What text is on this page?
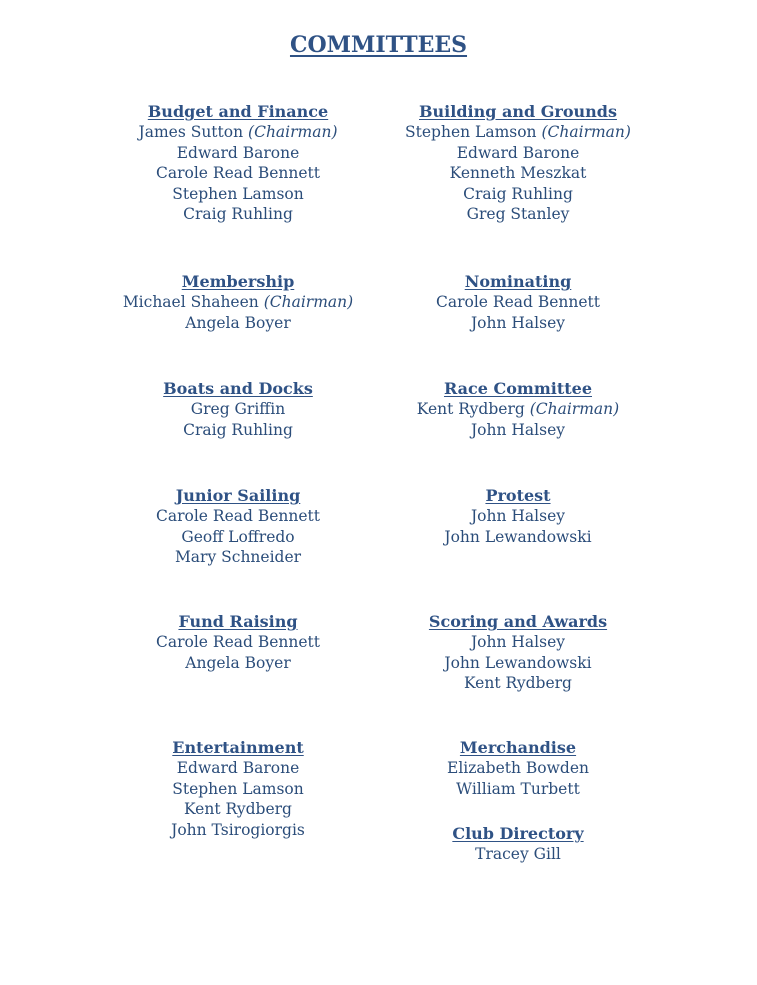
COMMITTEES
Budget and Finance
James Sutton (Chairman)
Edward Barone
Carole Read Bennett
Stephen Lamson
Craig Ruhling
Building and Grounds
Stephen Lamson (Chairman)
Edward Barone
Kenneth Meszkat
Craig Ruhling
Greg Stanley
Membership
Michael Shaheen (Chairman)
Angela Boyer
Nominating
Carole Read Bennett
John Halsey
Boats and Docks
Greg Griffin
Craig Ruhling
Race Committee
Kent Rydberg (Chairman)
John Halsey
Junior Sailing
Carole Read Bennett
Geoff Loffredo
Mary Schneider
Protest
John Halsey
John Lewandowski
Fund Raising
Carole Read Bennett
Angela Boyer
Scoring and Awards
John Halsey
John Lewandowski
Kent Rydberg
Entertainment
Edward Barone
Stephen Lamson
Kent Rydberg
John Tsirogiorgis
Merchandise
Elizabeth Bowden
William Turbett
Club Directory
Tracey Gill
